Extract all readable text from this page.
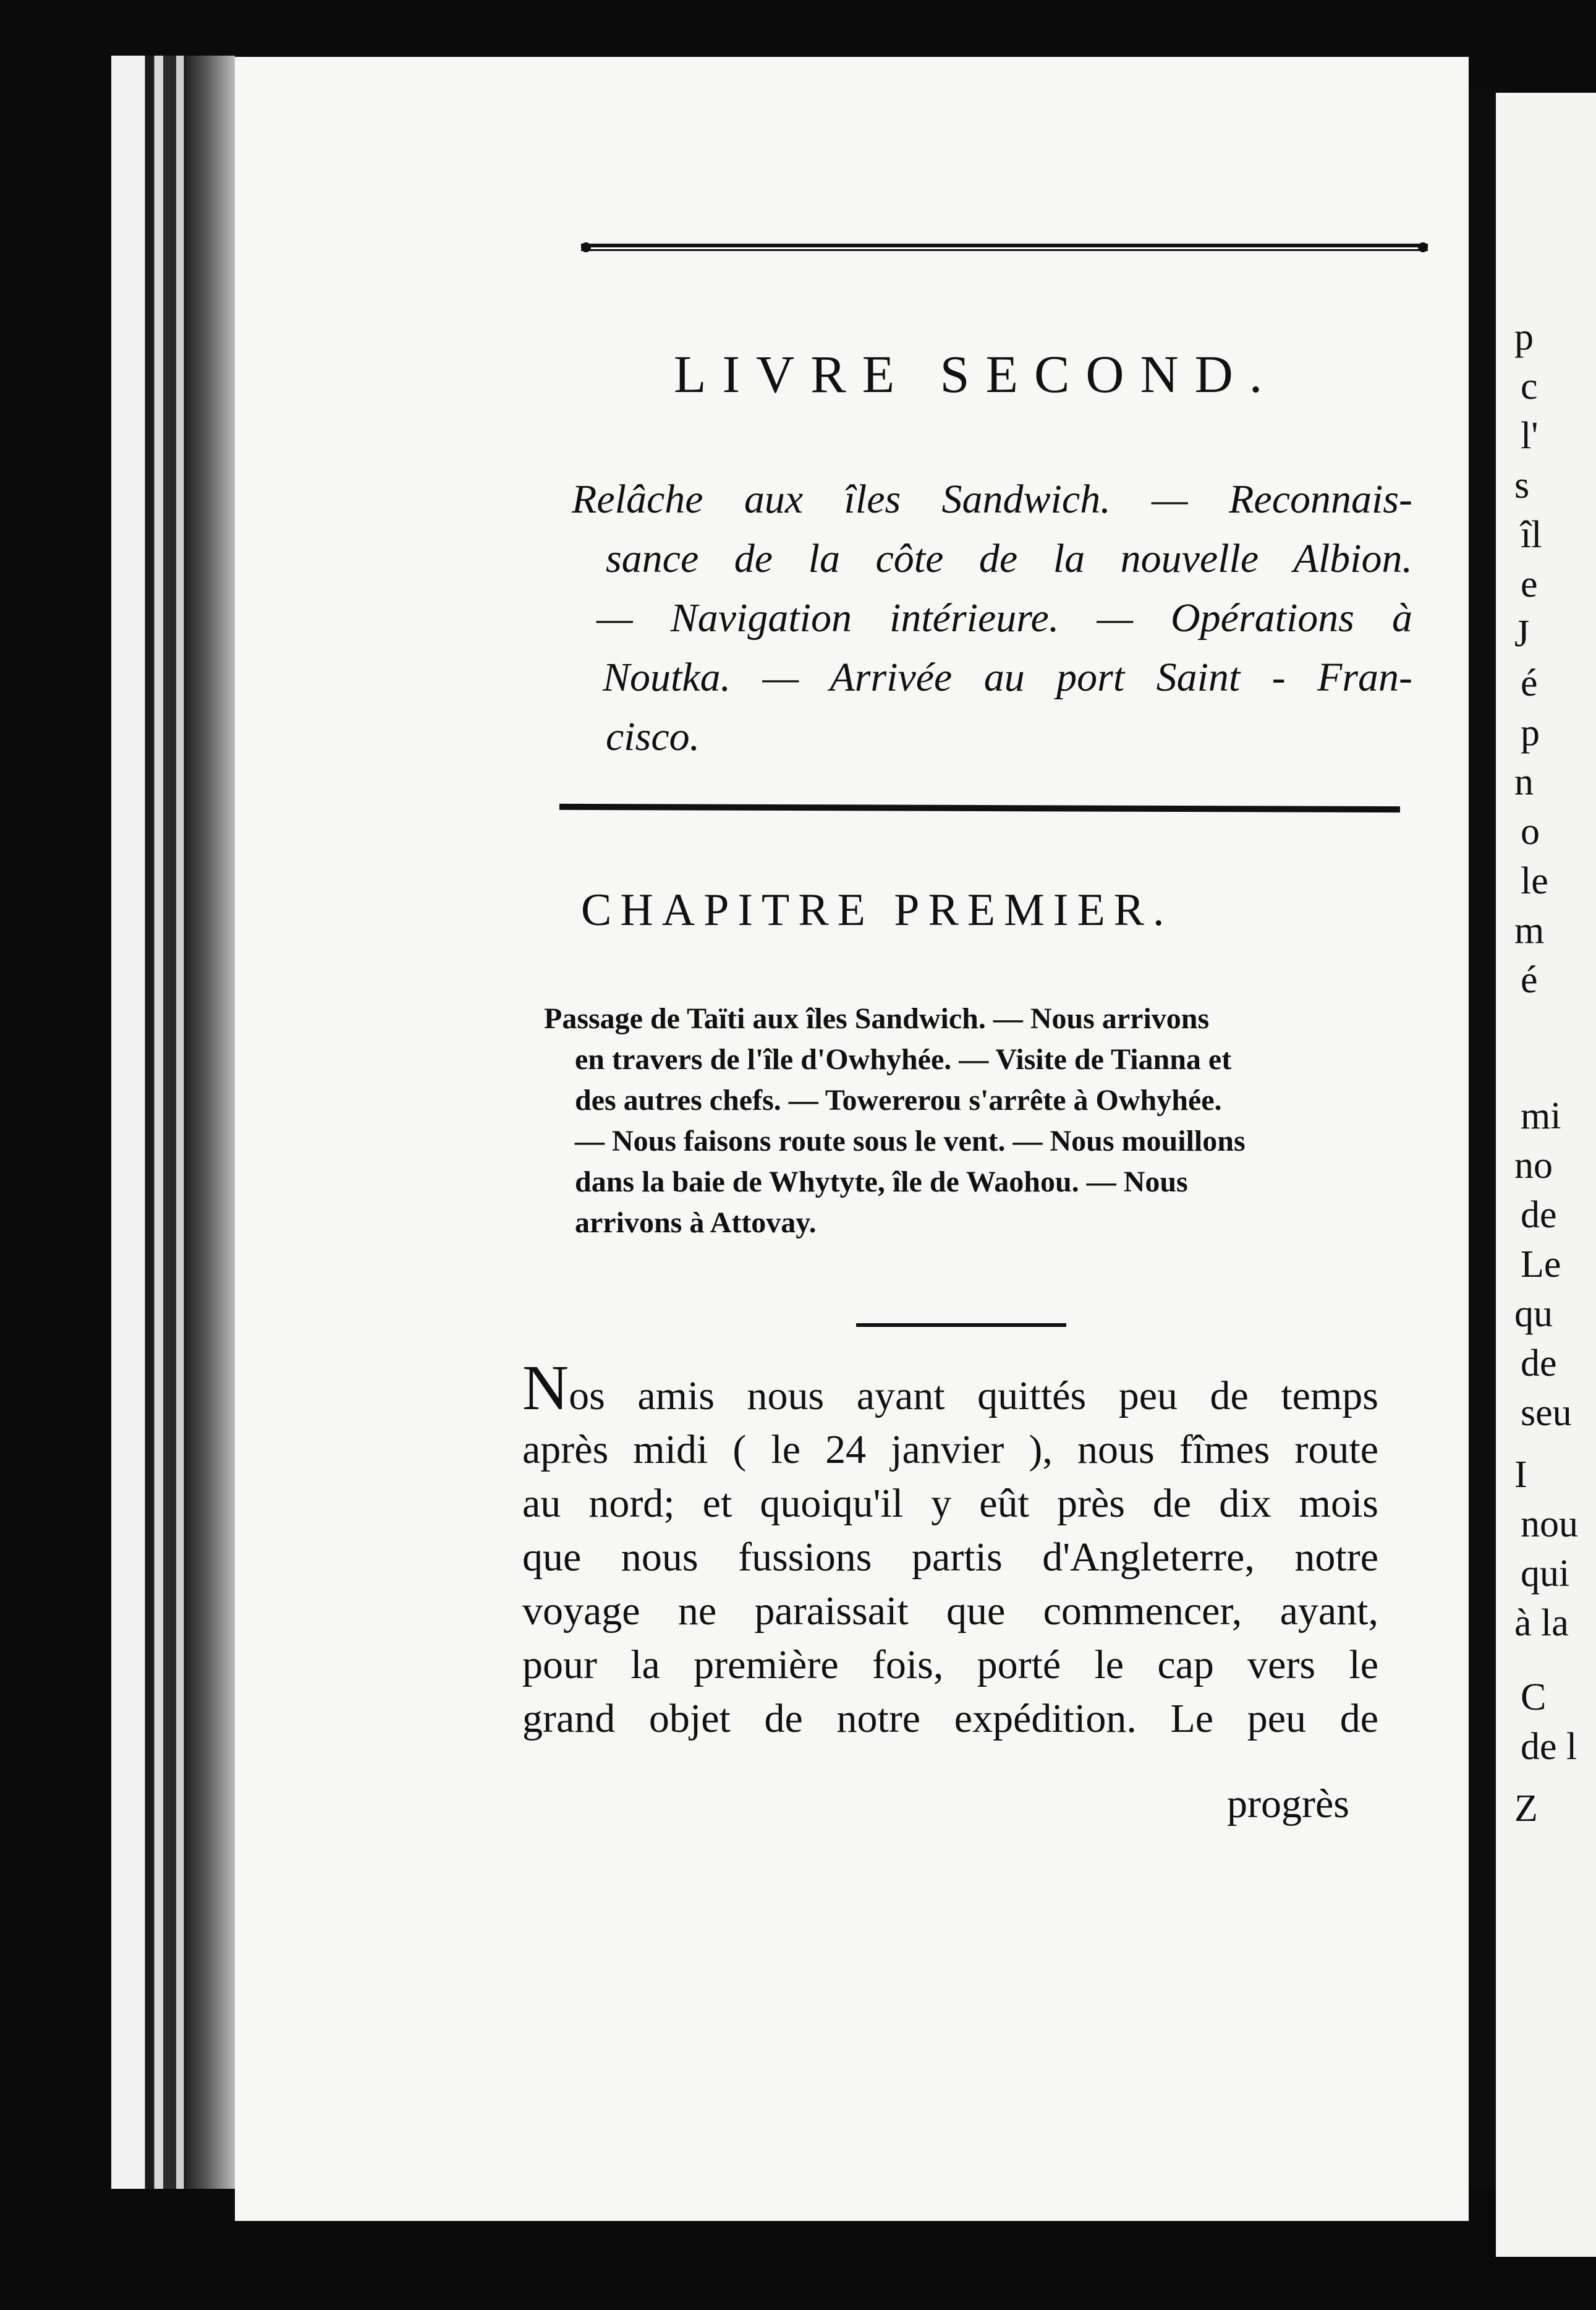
p
c
l'
s
îl
e
J
é
p
n
o
le
m
é
mi
no
de
Le
qu
de
seu
I
nou
qui
à la
C
de l
Z
LIVRE SECOND.
Relâche aux îles Sandwich. — Reconnais-
sance de la côte de la nouvelle Albion.
— Navigation intérieure. — Opérations à
Noutka. — Arrivée au port Saint - Fran-
cisco.
CHAPITRE PREMIER.
Passage de Taïti aux îles Sandwich. — Nous arrivons
en travers de l'île d'Owhyhée. — Visite de Tianna et
des autres chefs. — Towererou s'arrête à Owhyhée.
— Nous faisons route sous le vent. — Nous mouillons
dans la baie de Whytyte, île de Waohou. — Nous
arrivons à Attovay.
Nos amis nous ayant quittés peu de temps
après midi ( le 24 janvier ), nous fîmes route
au nord; et quoiqu'il y eût près de dix mois
que nous fussions partis d'Angleterre, notre
voyage ne paraissait que commencer, ayant,
pour la première fois, porté le cap vers le
grand objet de notre expédition. Le peu de
progrès
